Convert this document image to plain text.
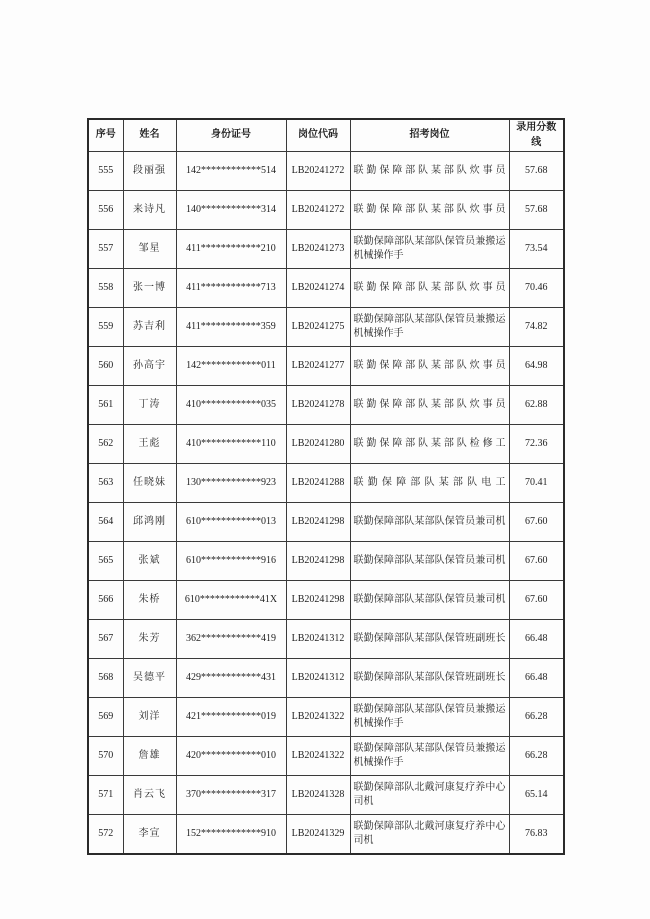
序号	姓名	身份证号	岗位代码	招考岗位	录用分数线
555	段丽强	142************514	LB20241272	联勤保障部队某部队炊事员	57.68
556	来诗凡	140************314	LB20241272	联勤保障部队某部队炊事员	57.68
557	邹星	411************210	LB20241273	联勤保障部队某部队保管员兼搬运机械操作手	73.54
558	张一博	411************713	LB20241274	联勤保障部队某部队炊事员	70.46
559	苏吉利	411************359	LB20241275	联勤保障部队某部队保管员兼搬运机械操作手	74.82
560	孙高宇	142************011	LB20241277	联勤保障部队某部队炊事员	64.98
561	丁涛	410************035	LB20241278	联勤保障部队某部队炊事员	62.88
562	王彪	410************110	LB20241280	联勤保障部队某部队检修工	72.36
563	任晓妹	130************923	LB20241288	联勤保障部队某部队电工	70.41
564	邱鸿刚	610************013	LB20241298	联勤保障部队某部队保管员兼司机	67.60
565	张斌	610************916	LB20241298	联勤保障部队某部队保管员兼司机	67.60
566	朱桥	610************41X	LB20241298	联勤保障部队某部队保管员兼司机	67.60
567	朱芳	362************419	LB20241312	联勤保障部队某部队保管班副班长	66.48
568	吴德平	429************431	LB20241312	联勤保障部队某部队保管班副班长	66.48
569	刘洋	421************019	LB20241322	联勤保障部队某部队保管员兼搬运机械操作手	66.28
570	詹雄	420************010	LB20241322	联勤保障部队某部队保管员兼搬运机械操作手	66.28
571	肖云飞	370************317	LB20241328	联勤保障部队北戴河康复疗养中心司机	65.14
572	李宣	152************910	LB20241329	联勤保障部队北戴河康复疗养中心司机	76.83
